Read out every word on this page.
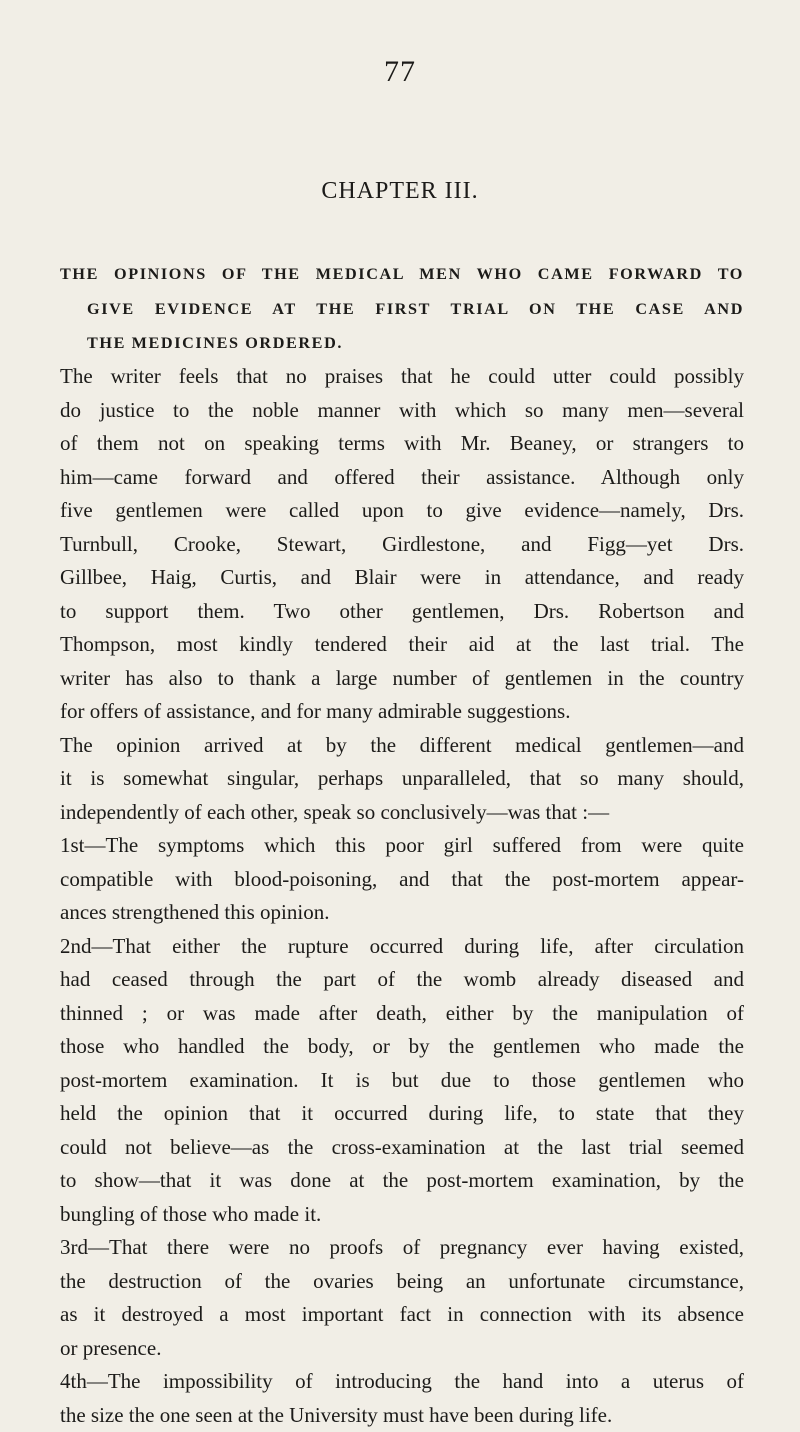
77
CHAPTER III.
THE OPINIONS OF THE MEDICAL MEN WHO CAME FORWARD TO
GIVE EVIDENCE AT THE FIRST TRIAL ON THE CASE AND
THE MEDICINES ORDERED.
The writer feels that no praises that he could utter could possibly
do justice to the noble manner with which so many men—several
of them not on speaking terms with Mr. Beaney, or strangers to
him—came forward and offered their assistance. Although only
five gentlemen were called upon to give evidence—namely, Drs.
Turnbull, Crooke, Stewart, Girdlestone, and Figg—yet Drs.
Gillbee, Haig, Curtis, and Blair were in attendance, and ready
to support them. Two other gentlemen, Drs. Robertson and
Thompson, most kindly tendered their aid at the last trial. The
writer has also to thank a large number of gentlemen in the country
for offers of assistance, and for many admirable suggestions.
The opinion arrived at by the different medical gentlemen—and
it is somewhat singular, perhaps unparalleled, that so many should,
independently of each other, speak so conclusively—was that :—
1st—The symptoms which this poor girl suffered from were quite
compatible with blood-poisoning, and that the post-mortem appear-
ances strengthened this opinion.
2nd—That either the rupture occurred during life, after circulation
had ceased through the part of the womb already diseased and
thinned ; or was made after death, either by the manipulation of
those who handled the body, or by the gentlemen who made the
post-mortem examination. It is but due to those gentlemen who
held the opinion that it occurred during life, to state that they
could not believe—as the cross-examination at the last trial seemed
to show—that it was done at the post-mortem examination, by the
bungling of those who made it.
3rd—That there were no proofs of pregnancy ever having existed,
the destruction of the ovaries being an unfortunate circumstance,
as it destroyed a most important fact in connection with its absence
or presence.
4th—The impossibility of introducing the hand into a uterus of
the size the one seen at the University must have been during life.
